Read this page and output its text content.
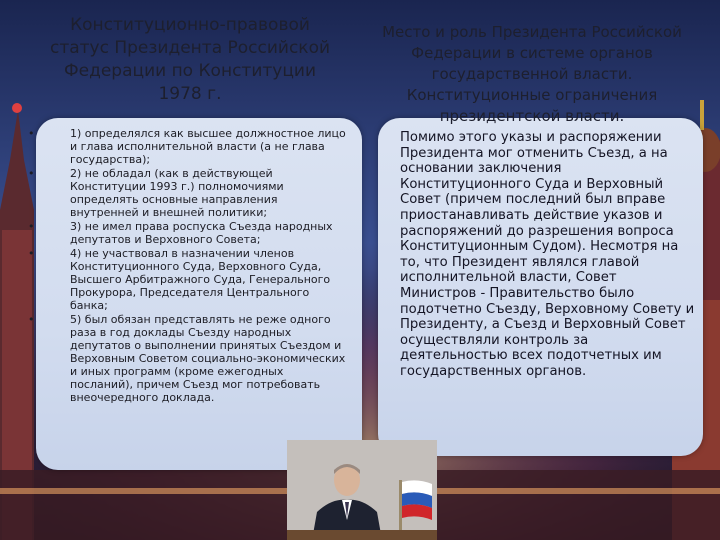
Конституционно-правовой статус Президента Российской Федерации по Конституции 1978 г.
Место и роль Президента Российской Федерации в системе органов государственной власти. Конституционные ограничения президентской власти.
• 1) определялся как высшее должностное лицо и глава исполнительной власти (а не глава государства);
• 2) не обладал (как в действующей Конституции 1993 г.) полномочиями определять основные направления внутренней и внешней политики;
• 3) не имел права роспуска Съезда народных депутатов и Верховного Совета;
• 4) не участвовал в назначении членов Конституционного Суда, Верховного Суда, Высшего Арбитражного Суда, Генерального Прокурора, Председателя Центрального банка;
• 5) был обязан представлять не реже одного раза в год доклады Съезду народных депутатов о выполнении принятых Съездом и Верховным Советом социально-экономических и иных программ (кроме ежегодных посланий), причем Съезд мог потребовать внеочередного доклада.

Помимо этого указы и распоряжении Президента мог отменить Съезд, а на основании заключения Конституционного Суда и Верховный Совет (причем последний был вправе приостанавливать действие указов и распоряжений до разрешения вопроса Конституционным Судом). Несмотря на то, что Президент являлся главой исполнительной власти, Совет Министров - Правительство было подотчетно Съезду, Верховному Совету и Президенту, а Съезд и Верховный Совет осуществляли контроль за деятельностью всех подотчетных им государственных органов.
